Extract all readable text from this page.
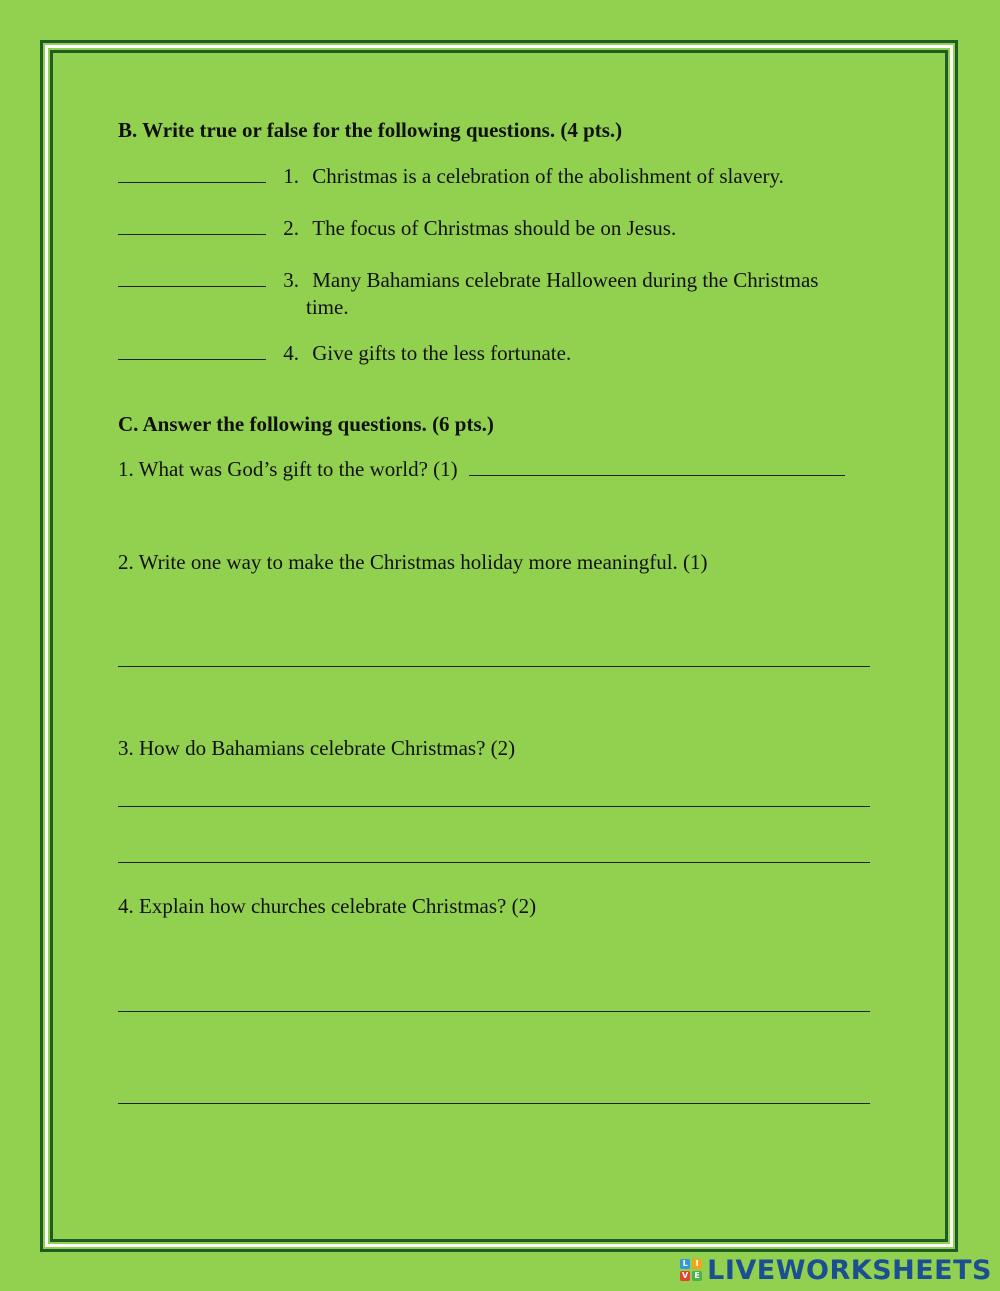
B. Write true or false for the following questions. (4 pts.)
1. Christmas is a celebration of the abolishment of slavery.
2. The focus of Christmas should be on Jesus.
3. Many Bahamians celebrate Halloween during the Christmas
time.
4. Give gifts to the less fortunate.
C. Answer the following questions. (6 pts.)
1. What was God’s gift to the world? (1)
2. Write one way to make the Christmas holiday more meaningful. (1)
3. How do Bahamians celebrate Christmas? (2)
4. Explain how churches celebrate Christmas? (2)
L I
V E LIVEWORKSHEETS
